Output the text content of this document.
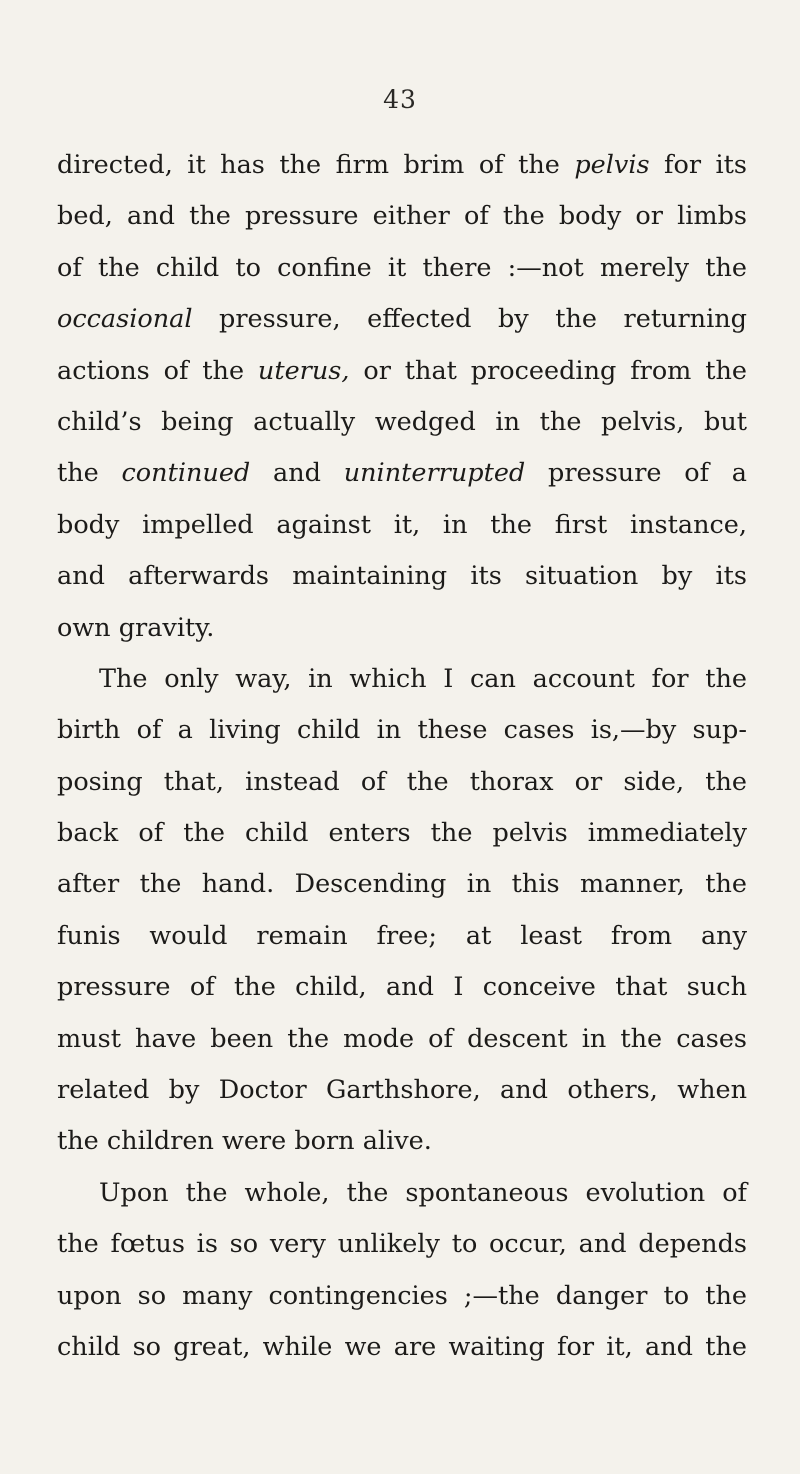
43
directed, it has the firm brim of the pelvis for its
bed, and the pressure either of the body or limbs
of the child to confine it there :—not merely the
occasional pressure, effected by the returning
actions of the uterus, or that proceeding from the
child’s being actually wedged in the pelvis, but
the continued and uninterrupted pressure of a
body impelled against it, in the first instance,
and afterwards maintaining its situation by its
own gravity.
The only way, in which I can account for the
birth of a living child in these cases is,—by sup-
posing that, instead of the thorax or side, the
back of the child enters the pelvis immediately
after the hand. Descending in this manner, the
funis would remain free; at least from any
pressure of the child, and I conceive that such
must have been the mode of descent in the cases
related by Doctor Garthshore, and others, when
the children were born alive.
Upon the whole, the spontaneous evolution of
the fœtus is so very unlikely to occur, and depends
upon so many contingencies ;—the danger to the
child so great, while we are waiting for it, and the
